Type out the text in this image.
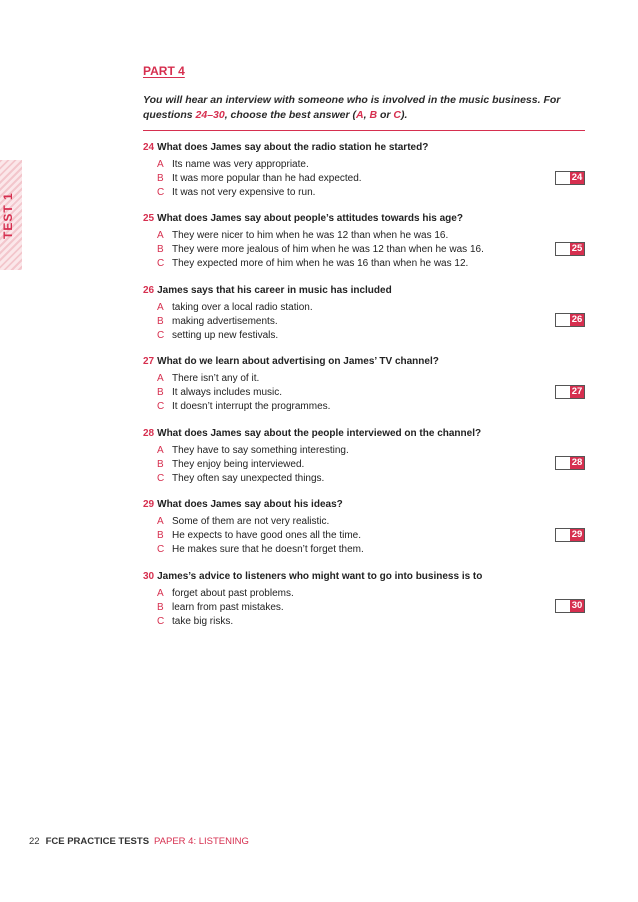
TEST 1
PART 4
You will hear an interview with someone who is involved in the music business. For questions 24–30, choose the best answer (A, B or C).
24 What does James say about the radio station he started?
A Its name was very appropriate.
B It was more popular than he had expected.
C It was not very expensive to run.
24
25 What does James say about people’s attitudes towards his age?
A They were nicer to him when he was 12 than when he was 16.
B They were more jealous of him when he was 12 than when he was 16.
C They expected more of him when he was 16 than when he was 12.
25
26 James says that his career in music has included
A taking over a local radio station.
B making advertisements.
C setting up new festivals.
26
27 What do we learn about advertising on James’ TV channel?
A There isn’t any of it.
B It always includes music.
C It doesn’t interrupt the programmes.
27
28 What does James say about the people interviewed on the channel?
A They have to say something interesting.
B They enjoy being interviewed.
C They often say unexpected things.
28
29 What does James say about his ideas?
A Some of them are not very realistic.
B He expects to have good ones all the time.
C He makes sure that he doesn’t forget them.
29
30 James’s advice to listeners who might want to go into business is to
A forget about past problems.
B learn from past mistakes.
C take big risks.
30
22 FCE PRACTICE TESTS PAPER 4: LISTENING
